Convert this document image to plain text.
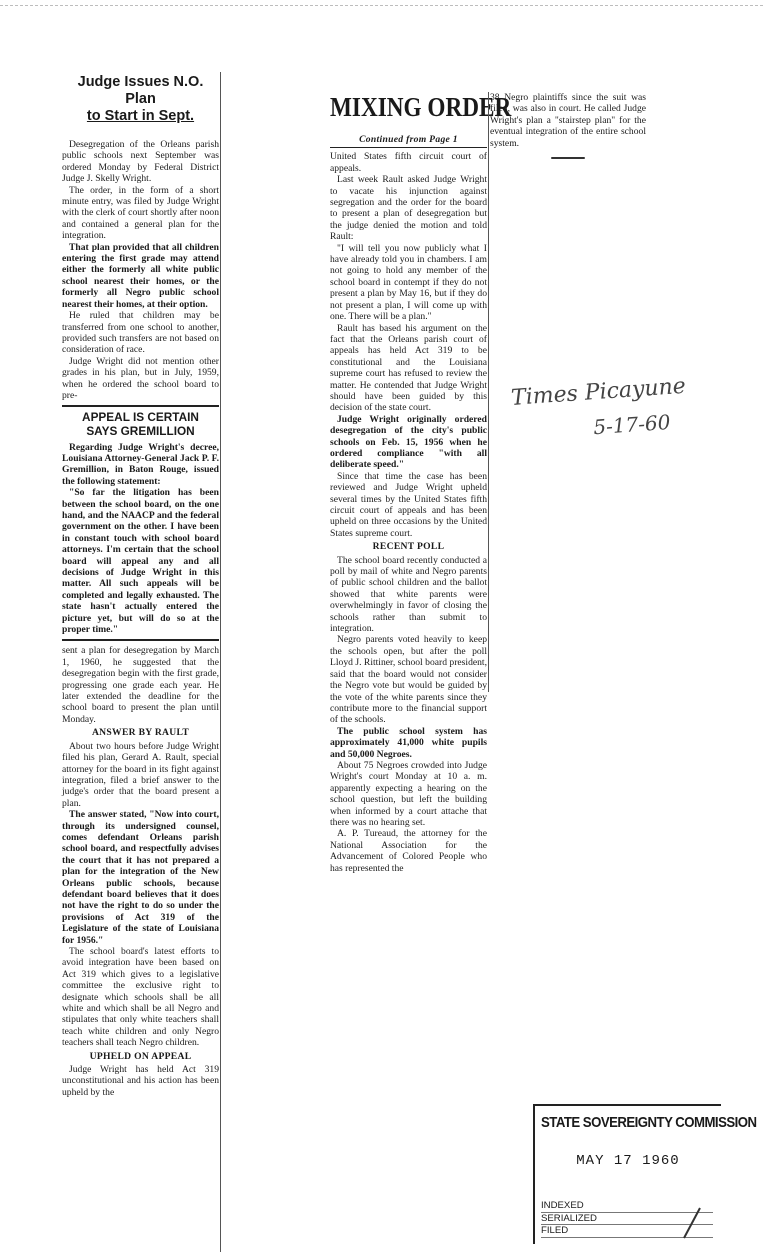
Judge Issues N.O. Plan
to Start in Sept.

Desegregation of the Orleans parish public schools next September was ordered Monday by Federal District Judge J. Skelly Wright.

The order, in the form of a short minute entry, was filed by Judge Wright with the clerk of court shortly after noon and contained a general plan for the integration.

That plan provided that all children entering the first grade may attend either the formerly all white public school nearest their homes, or the formerly all Negro public school nearest their homes, at their option.

He ruled that children may be transferred from one school to another, provided such transfers are not based on consideration of race.

Judge Wright did not mention other grades in his plan, but in July, 1959, when he ordered the school board to pre-

APPEAL IS CERTAIN
SAYS GREMILLION

Regarding Judge Wright's decree, Louisiana Attorney-General Jack P. F. Gremillion, in Baton Rouge, issued the following statement:

"So far the litigation has been between the school board, on the one hand, and the NAACP and the federal government on the other. I have been in constant touch with school board attorneys. I'm certain that the school board will appeal any and all decisions of Judge Wright in this matter. All such appeals will be completed and legally exhausted. The state hasn't actually entered the picture yet, but will do so at the proper time."

sent a plan for desegregation by March 1, 1960, he suggested that the desegregation begin with the first grade, progressing one grade each year. He later extended the deadline for the school board to present the plan until Monday.

ANSWER BY RAULT

About two hours before Judge Wright filed his plan, Gerard A. Rault, special attorney for the board in its fight against integration, filed a brief answer to the judge's order that the board present a plan.

The answer stated, "Now into court, through its undersigned counsel, comes defendant Orleans parish school board, and respectfully advises the court that it has not prepared a plan for the integration of the New Orleans public schools, because defendant board believes that it does not have the right to do so under the provisions of Act 319 of the Legislature of the state of Louisiana for 1956."

The school board's latest efforts to avoid integration have been based on Act 319 which gives to a legislative committee the exclusive right to designate which schools shall be all white and which shall be all Negro and stipulates that only white teachers shall teach white children and only Negro teachers shall teach Negro children.

UPHELD ON APPEAL

Judge Wright has held Act 319 unconstitutional and his action has been upheld by the

MIXING ORDER
Continued from Page 1

United States fifth circuit court of appeals.

Last week Rault asked Judge Wright to vacate his injunction against segregation and the order for the board to present a plan of desegregation but the judge denied the motion and told Rault:

"I will tell you now publicly what I have already told you in chambers. I am not going to hold any member of the school board in contempt if they do not present a plan by May 16, but if they do not present a plan, I will come up with one. There will be a plan."

Rault has based his argument on the fact that the Orleans parish court of appeals has held Act 319 to be constitutional and the Louisiana supreme court has refused to review the matter. He contended that Judge Wright should have been guided by this decision of the state court.

Judge Wright originally ordered desegregation of the city's public schools on Feb. 15, 1956 when he ordered compliance "with all deliberate speed."

Since that time the case has been reviewed and Judge Wright upheld several times by the United States fifth circuit court of appeals and has been upheld on three occasions by the United States supreme court.

RECENT POLL

The school board recently conducted a poll by mail of white and Negro parents of public school children and the ballot showed that white parents were overwhelmingly in favor of closing the schools rather than submit to integration.

Negro parents voted heavily to keep the schools open, but after the poll Lloyd J. Rittiner, school board president, said that the board would not consider the Negro vote but would be guided by the vote of the white parents since they contribute more to the financial support of the schools.

The public school system has approximately 41,000 white pupils and 50,000 Negroes.

About 75 Negroes crowded into Judge Wright's court Monday at 10 a. m. apparently expecting a hearing on the school question, but left the building when informed by a court attache that there was no hearing set.

A. P. Tureaud, the attorney for the National Association for the Advancement of Colored People who has represented the

38 Negro plaintiffs since the suit was filed, was also in court. He called Judge Wright's plan a "stairstep plan" for the eventual integration of the entire school system.

Times Picayune
5-17-60
STATE SOVEREIGNTY COMMISSION
MAY 17 1960
INDEXED
SERIALIZED
FILED
